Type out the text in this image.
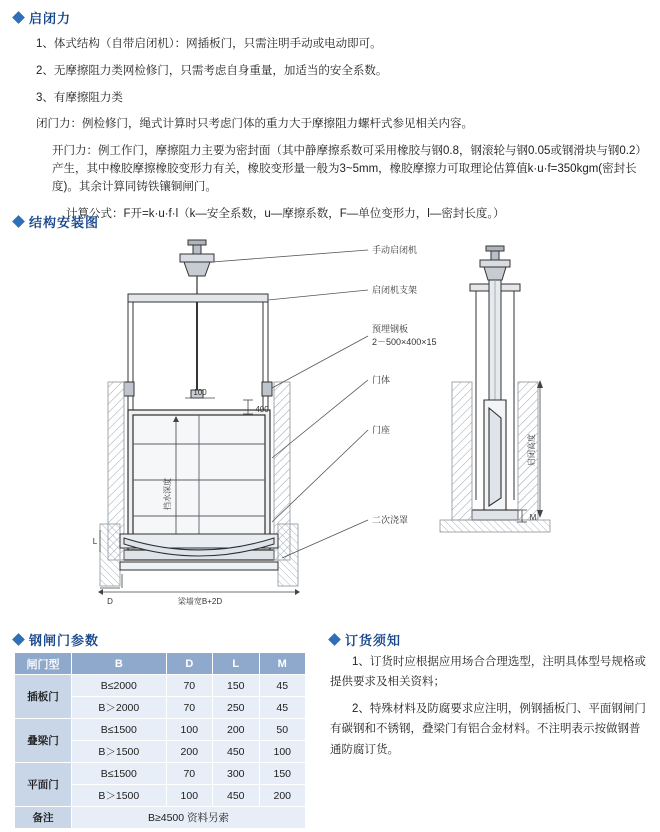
启闭力
1、体式结构（自带启闭机）：网插板门，只需注明手动或电动即可。
2、无摩擦阻力类网检修门，只需考虑自身重量，加适当的安全系数。
3、有摩擦阻力类
闭门力：例检修门，绳式计算时只考虑门体的重力大于摩擦阻力螺杆式参见相关内容。
开门力：例工作门，摩擦阻力主要为密封面（其中静摩擦系数可采用橡胶与钢0.8，钢滚轮与钢0.05或钢滑块与钢0.2）产生，其中橡胶摩擦橡胶变形力有关，橡胶变形量一般为3~5mm，橡胶摩擦力可取理论估算值k·u·f=350kgm(密封长度)。其余计算同铸铁镶铜闸门。
计算公式：F开=k·u·f·l（k—安全系数，u—摩擦系数，F—单位变形力，l—密封长度。）
结构安装图
挡水深度
100
400
L
D	梁墙宽B+2D
启闭高度
M
手动启闭机
启闭机支架
预埋钢板
2－500×400×15
门体
门座
二次浇罩
钢闸门参数	订货须知
闸门型	B	D	L	M
插板门	B≤2000	70	150	45
	B＞2000	70	250	45
叠梁门	B≤1500	100	200	50
	B＞1500	200	450	100
平面门	B≤1500	70	300	150
	B＞1500	100	450	200
备注	B≥4500 资料另索			

1、订货时应根据应用场合合理选型，注明具体型号规格或提供要求及相关资料；

2、特殊材料及防腐要求应注明，例钢插板门、平面钢闸门有碳钢和不锈钢，叠梁门有铝合金材料。不注明表示按做钢普通防腐订货。
